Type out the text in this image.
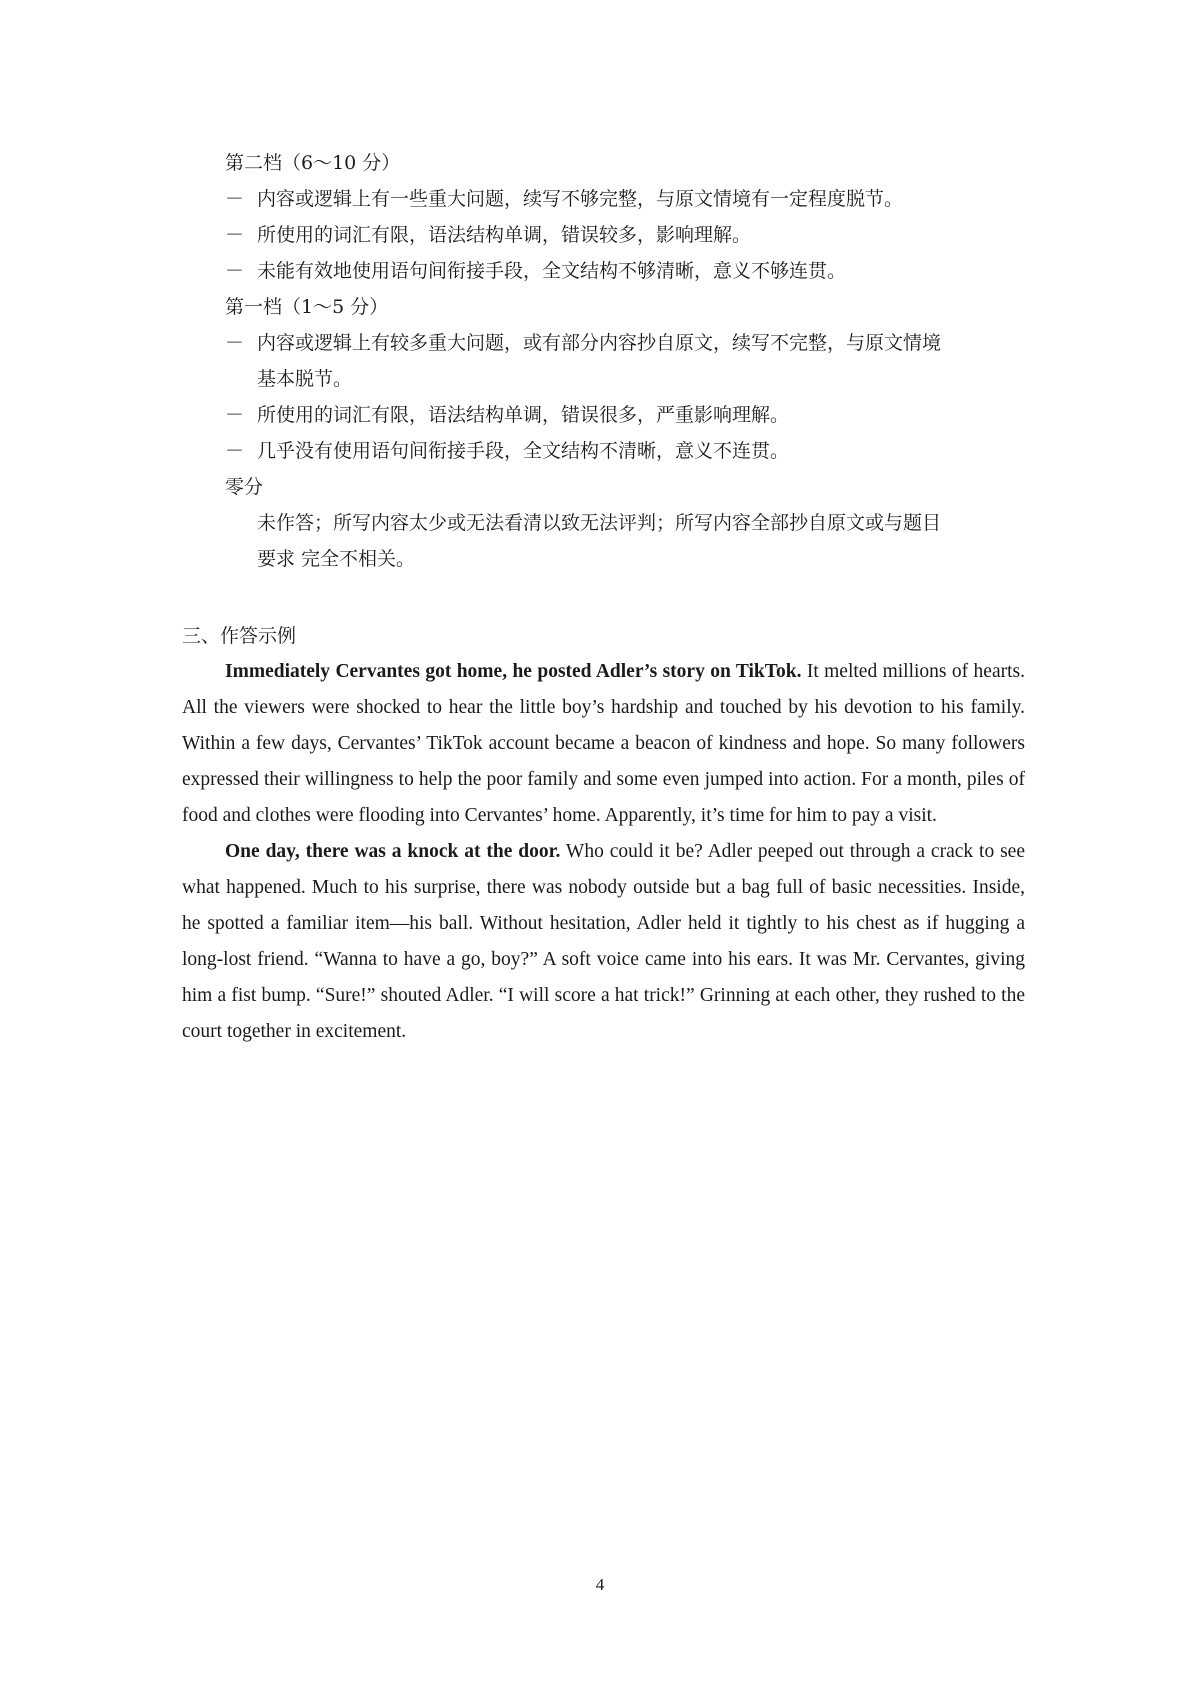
第二档（6～10 分）
－ 内容或逻辑上有一些重大问题，续写不够完整，与原文情境有一定程度脱节。
－ 所使用的词汇有限，语法结构单调，错误较多，影响理解。
－ 未能有效地使用语句间衔接手段，全文结构不够清晰，意义不够连贯。
第一档（1～5 分）
－ 内容或逻辑上有较多重大问题，或有部分内容抄自原文，续写不完整，与原文情境
基本脱节。
－ 所使用的词汇有限，语法结构单调，错误很多，严重影响理解。
－ 几乎没有使用语句间衔接手段，全文结构不清晰，意义不连贯。
零分
未作答；所写内容太少或无法看清以致无法评判；所写内容全部抄自原文或与题目
要求 完全不相关。
三、作答示例

Immediately Cervantes got home, he posted Adler’s story on TikTok. It melted millions of hearts. All the viewers were shocked to hear the little boy’s hardship and touched by his devotion to his family. Within a few days, Cervantes’ TikTok account became a beacon of kindness and hope. So many followers expressed their willingness to help the poor family and some even jumped into action. For a month, piles of food and clothes were flooding into Cervantes’ home. Apparently, it’s time for him to pay a visit.

One day, there was a knock at the door. Who could it be? Adler peeped out through a crack to see what happened. Much to his surprise, there was nobody outside but a bag full of basic necessities. Inside, he spotted a familiar item—his ball. Without hesitation, Adler held it tightly to his chest as if hugging a long-lost friend. “Wanna to have a go, boy?” A soft voice came into his ears. It was Mr. Cervantes, giving him a fist bump. “Sure!” shouted Adler. “I will score a hat trick!” Grinning at each other, they rushed to the court together in excitement.

4
